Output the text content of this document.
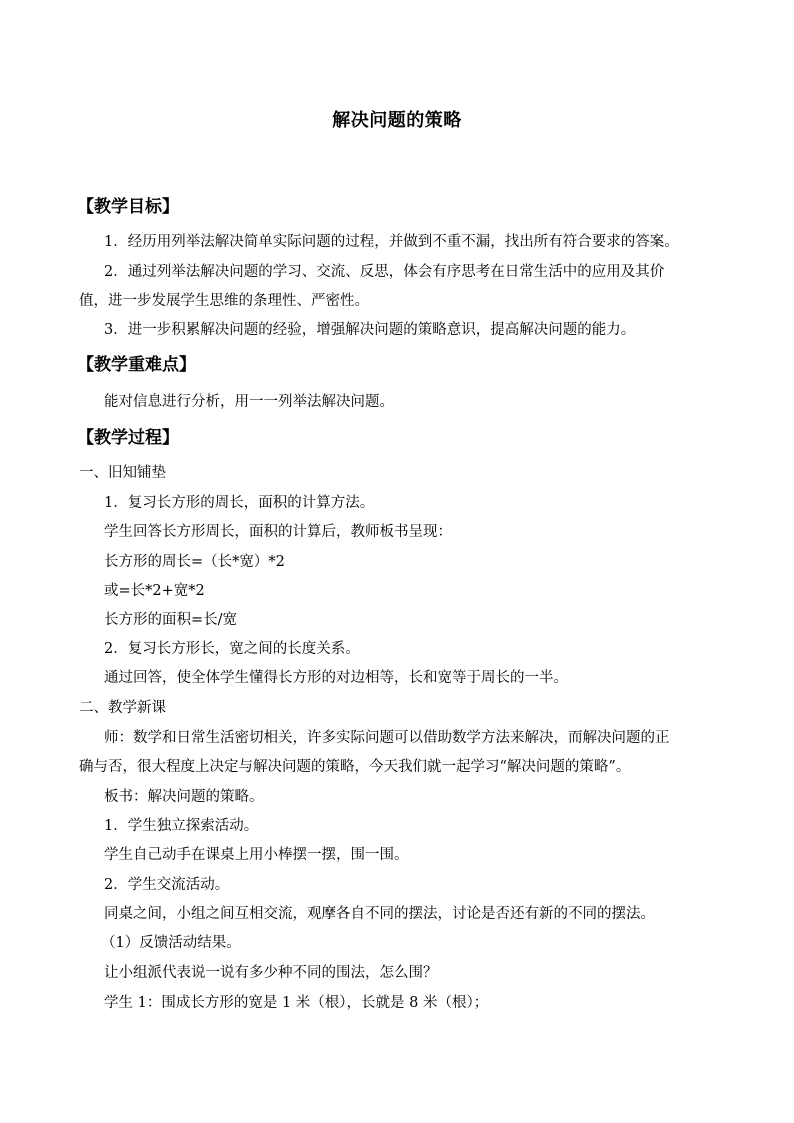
解决问题的策略
【教学目标】
1．经历用列举法解决简单实际问题的过程，并做到不重不漏，找出所有符合要求的答案。
2．通过列举法解决问题的学习、交流、反思，体会有序思考在日常生活中的应用及其价
值，进一步发展学生思维的条理性、严密性。
3．进一步积累解决问题的经验，增强解决问题的策略意识，提高解决问题的能力。
【教学重难点】
能对信息进行分析，用一一列举法解决问题。
【教学过程】
一、旧知铺垫
1．复习长方形的周长，面积的计算方法。
学生回答长方形周长，面积的计算后，教师板书呈现：
长方形的周长=（长*宽）*2
或=长*2+宽*2
长方形的面积=长/宽
2．复习长方形长，宽之间的长度关系。
通过回答，使全体学生懂得长方形的对边相等，长和宽等于周长的一半。
二、教学新课
师：数学和日常生活密切相关，许多实际问题可以借助数学方法来解决，而解决问题的正
确与否，很大程度上决定与解决问题的策略，今天我们就一起学习“解决问题的策略”。
板书：解决问题的策略。
1．学生独立探索活动。
学生自己动手在课桌上用小棒摆一摆，围一围。
2．学生交流活动。
同桌之间，小组之间互相交流，观摩各自不同的摆法，讨论是否还有新的不同的摆法。
（1）反馈活动结果。
让小组派代表说一说有多少种不同的围法，怎么围？
学生 1：围成长方形的宽是 1 米（根），长就是 8 米（根）；
